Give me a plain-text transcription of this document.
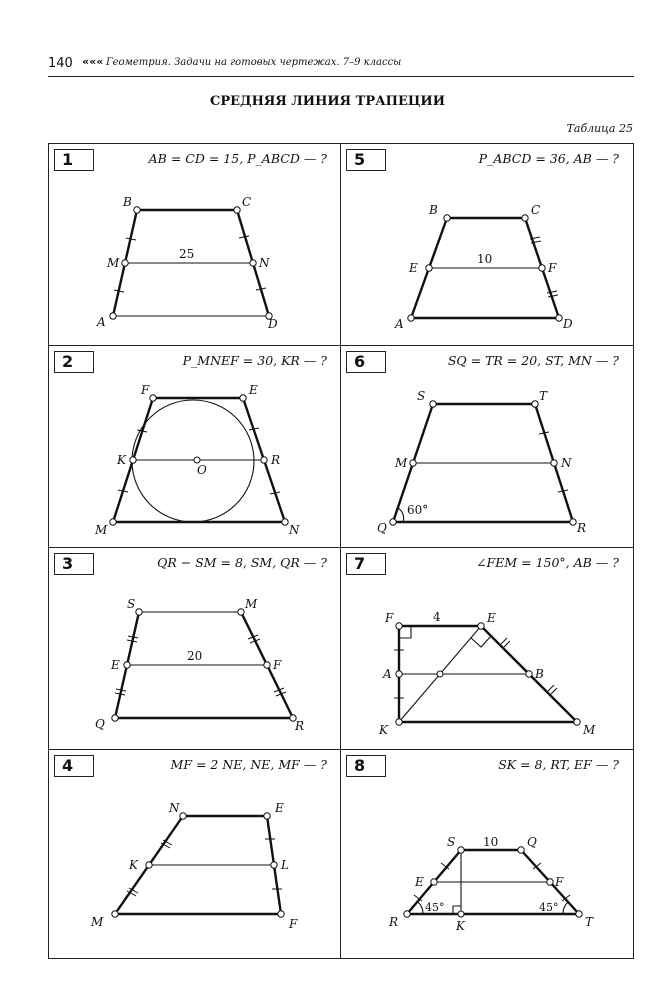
140 ««« Геометрия. Задачи на готовых чертежах. 7–9 классы
СРЕДНЯЯ ЛИНИЯ ТРАПЕЦИИ
Таблица 25
1	AB = CD = 15, P_ABCD — ?
B	C
M	N
A	D
25
5	P_ABCD = 36, AB — ?
B	C
E	F
A	D
10
2	P_MNEF = 30, KR — ?
F	E
K
O
R
M	N
6	SQ = TR = 20, ST, MN — ?
S	T
M	N
Q	R
60°
3	QR − SM = 8, SM, QR — ?
S	M
E	F
Q	R
20
7	∠FEM = 150°, AB — ?
F	E
A	B
K	M
4
4	MF = 2 NE, NE, MF — ?
N	E
K	L
M	F
8	SK = 8, RT, EF — ?
S	Q
E	F
R	K	T
10
45°	45°
